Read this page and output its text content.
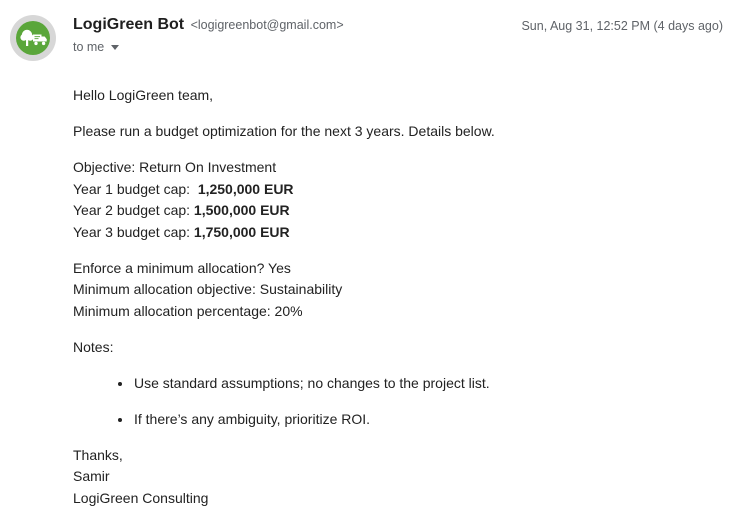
LogiGreen Bot <logigreenbot@gmail.com>	Sun, Aug 31, 12:52 PM (4 days ago)
to me

Hello LogiGreen team,

Please run a budget optimization for the next 3 years. Details below.

Objective: Return On Investment
Year 1 budget cap:  1,250,000 EUR
Year 2 budget cap: 1,500,000 EUR
Year 3 budget cap: 1,750,000 EUR

Enforce a minimum allocation? Yes
Minimum allocation objective: Sustainability
Minimum allocation percentage: 20%

Notes:

• Use standard assumptions; no changes to the project list.
• If there’s any ambiguity, prioritize ROI.

Thanks,
Samir
LogiGreen Consulting
